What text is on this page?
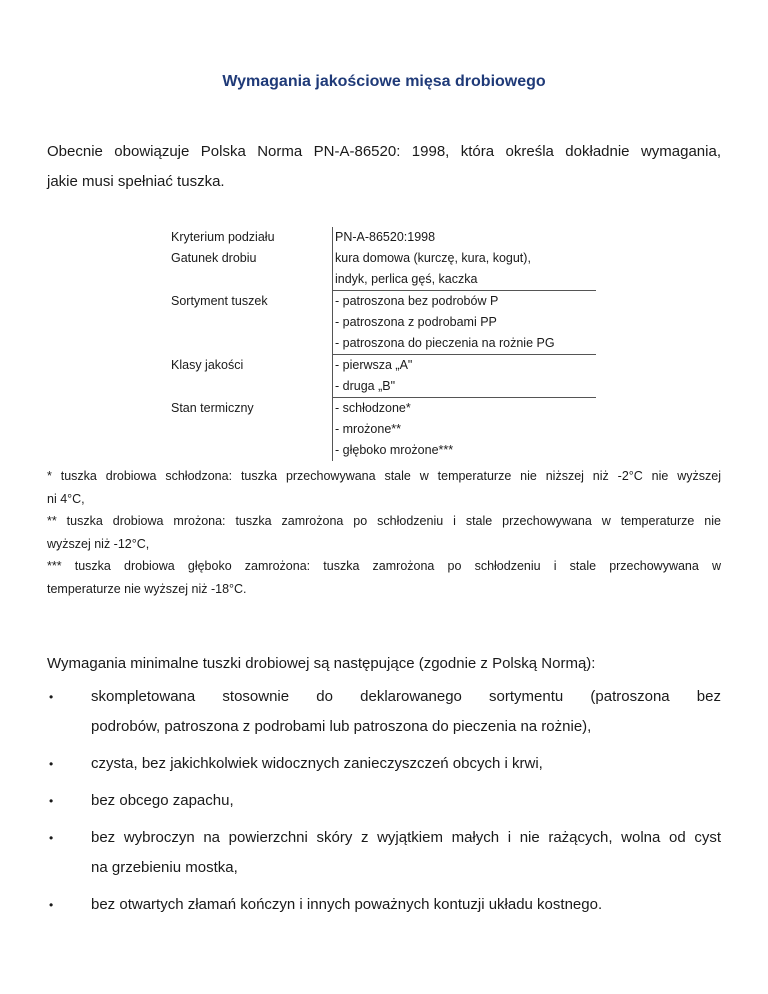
Wymagania jakościowe mięsa drobiowego
Obecnie obowiązuje Polska Norma PN-A-86520: 1998, która określa dokładnie wymagania,
jakie musi spełniać tuszka.
Kryterium podziału	PN-A-86520:1998
Gatunek drobiu	kura domowa (kurczę, kura, kogut),
	indyk, perlica gęś, kaczka
Sortyment tuszek	- patroszona bez podrobów P
	- patroszona z podrobami PP
	- patroszona do pieczenia na rożnie PG
Klasy jakości	- pierwsza „A"
	- druga „B"
Stan termiczny	- schłodzone*
	- mrożone**
	- głęboko mrożone***

* tuszka drobiowa schłodzona: tuszka przechowywana stale w temperaturze nie niższej niż -2°C nie wyższej

ni 4°C,

** tuszka drobiowa mrożona: tuszka zamrożona po schłodzeniu i stale przechowywana w temperaturze nie

wyższej niż -12°C,

*** tuszka drobiowa głęboko zamrożona: tuszka zamrożona po schłodzeniu i stale przechowywana w

temperaturze nie wyższej niż -18°C.

Wymagania minimalne tuszki drobiowej są następujące (zgodnie z Polską Normą):
•	skompletowana stosownie do deklarowanego sortymentu (patroszona bez
podrobów, patroszona z podrobami lub patroszona do pieczenia na rożnie),
•	czysta, bez jakichkolwiek widocznych zanieczyszczeń obcych i krwi,
•	bez obcego zapachu,
•	bez wybroczyn na powierzchni skóry z wyjątkiem małych i nie rażących, wolna od cyst
na grzebieniu mostka,
•	bez otwartych złamań kończyn i innych poważnych kontuzji układu kostnego.
